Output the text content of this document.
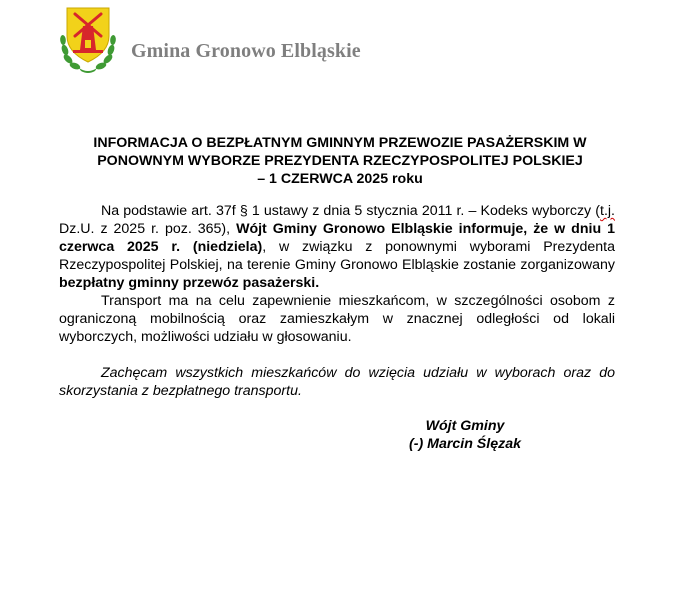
Gmina Gronowo Elbląskie
INFORMACJA O BEZPŁATNYM GMINNYM PRZEWOZIE PASAŻERSKIM W
PONOWNYM WYBORZE PREZYDENTA RZECZYPOSPOLITEJ POLSKIEJ
– 1 CZERWCA 2025 roku

Na podstawie art. 37f § 1 ustawy z dnia 5 stycznia 2011 r. – Kodeks wyborczy (t.j. Dz.U. z 2025 r. poz. 365), Wójt Gminy Gronowo Elbląskie informuje, że w dniu 1 czerwca 2025 r. (niedziela), w związku z ponownymi wyborami Prezydenta Rzeczypospolitej Polskiej, na terenie Gminy Gronowo Elbląskie zostanie zorganizowany bezpłatny gminny przewóz pasażerski.

Transport ma na celu zapewnienie mieszkańcom, w szczególności osobom z ograniczoną mobilnością oraz zamieszkałym w znacznej odległości od lokali wyborczych, możliwości udziału w głosowaniu.

Zachęcam wszystkich mieszkańców do wzięcia udziału w wyborach oraz do skorzystania z bezpłatnego transportu.

Wójt Gminy
(-) Marcin Ślęzak
